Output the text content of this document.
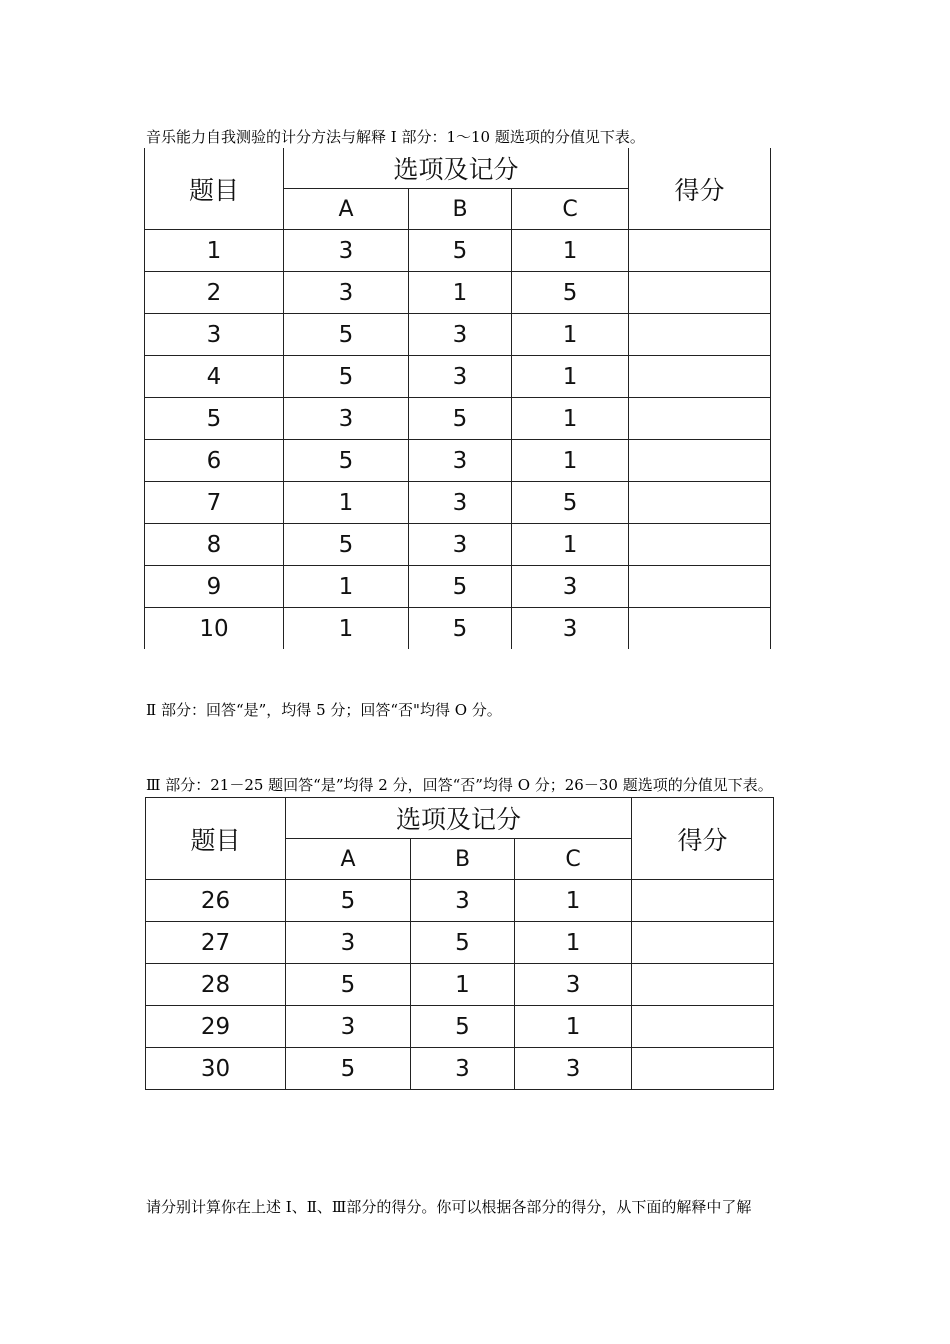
音乐能力自我测验的计分方法与解释 I 部分：1～10 题选项的分值见下表。
题目	选项及记分			得分
	A	B	C	
1	3	5	1	
2	3	1	5	
3	5	3	1	
4	5	3	1	
5	3	5	1	
6	5	3	1	
7	1	3	5	
8	5	3	1	
9	1	5	3	
10	1	5	3	
Ⅱ 部分：回答“是”，均得 5 分；回答“否"均得 O 分。
Ⅲ 部分：21－25 题回答“是”均得 2 分，回答“否”均得 O 分；26－30 题选项的分值见下表。
题目	选项及记分			得分
	A	B	C	
26	5	3	1	
27	3	5	1	
28	5	1	3	
29	3	5	1	
30	5	3	3	
请分别计算你在上述 I、Ⅱ、Ⅲ部分的得分。你可以根据各部分的得分，从下面的解释中了解
